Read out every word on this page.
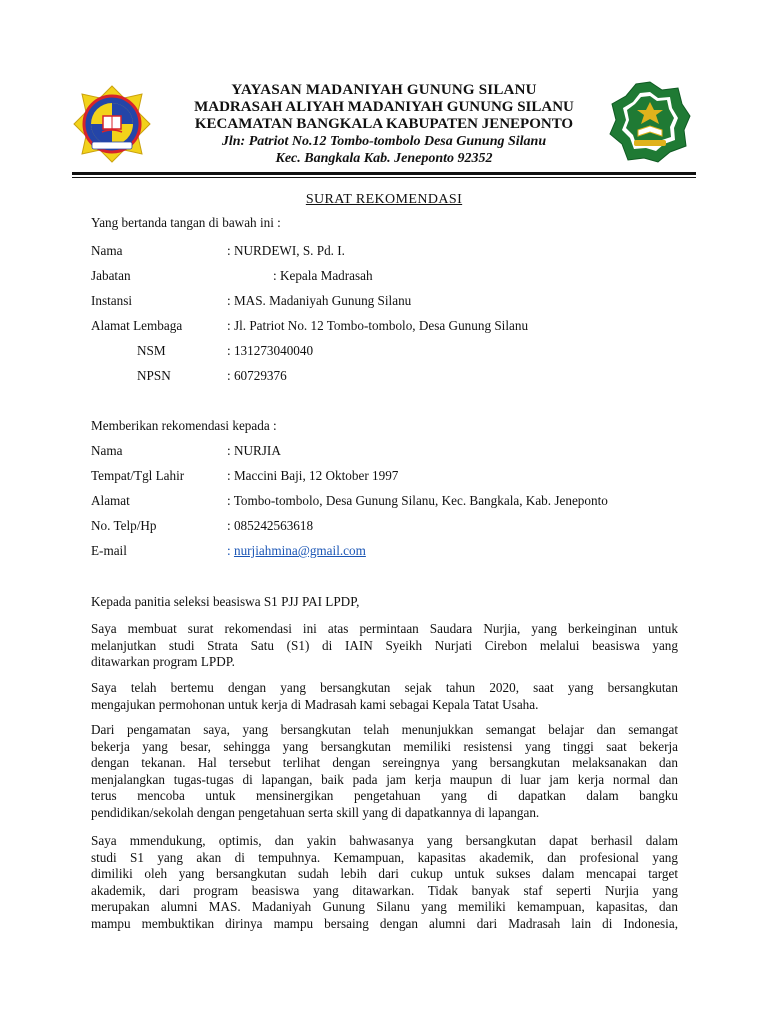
YAYASAN MADANIYAH GUNUNG SILANU
MADRASAH ALIYAH MADANIYAH GUNUNG SILANU
KECAMATAN BANGKALA KABUPATEN JENEPONTO
Jln: Patriot No.12 Tombo-tombolo Desa Gunung Silanu
Kec. Bangkala Kab. Jeneponto 92352
SURAT REKOMENDASI
Yang bertanda tangan di bawah ini :
Nama	: NURDEWI, S. Pd. I.
Jabatan	: Kepala Madrasah
Instansi	: MAS. Madaniyah Gunung Silanu
Alamat Lembaga	: Jl. Patriot No. 12 Tombo-tombolo, Desa Gunung Silanu
NSM	: 131273040040
NPSN	: 60729376
Memberikan rekomendasi kepada :
Nama	: NURJIA
Tempat/Tgl Lahir	: Maccini Baji, 12 Oktober 1997
Alamat	: Tombo-tombolo, Desa Gunung Silanu, Kec. Bangkala, Kab. Jeneponto
No. Telp/Hp	: 085242563618
E-mail	: nurjiahmina@gmail.com
Kepada panitia seleksi beasiswa S1 PJJ PAI LPDP,
Saya membuat surat rekomendasi ini atas permintaan Saudara Nurjia, yang berkeinginan untuk
melanjutkan studi Strata Satu (S1) di IAIN Syeikh Nurjati Cirebon melalui beasiswa yang
ditawarkan program LPDP.
Saya telah bertemu dengan yang bersangkutan sejak tahun 2020, saat yang bersangkutan
mengajukan permohonan untuk kerja di Madrasah kami sebagai Kepala Tatat Usaha.
Dari pengamatan saya, yang bersangkutan telah menunjukkan semangat belajar dan semangat
bekerja yang besar, sehingga yang bersangkutan memiliki resistensi yang tinggi saat bekerja
dengan tekanan. Hal tersebut terlihat dengan sereingnya yang bersangkutan melaksanakan dan
menjalangkan tugas-tugas di lapangan, baik pada jam kerja maupun di luar jam kerja normal dan
terus mencoba untuk mensinergikan pengetahuan yang di dapatkan dalam bangku
pendidikan/sekolah dengan pengetahuan serta skill yang di dapatkannya di lapangan.
Saya mmendukung, optimis, dan yakin bahwasanya yang bersangkutan dapat berhasil dalam
studi S1 yang akan di tempuhnya. Kemampuan, kapasitas akademik, dan profesional yang
dimiliki oleh yang bersangkutan sudah lebih dari cukup untuk sukses dalam mencapai target
akademik, dari program beasiswa yang ditawarkan. Tidak banyak staf seperti Nurjia yang
merupakan alumni MAS. Madaniyah Gunung Silanu yang memiliki kemampuan, kapasitas, dan
mampu membuktikan dirinya mampu bersaing dengan alumni dari Madrasah lain di Indonesia,
